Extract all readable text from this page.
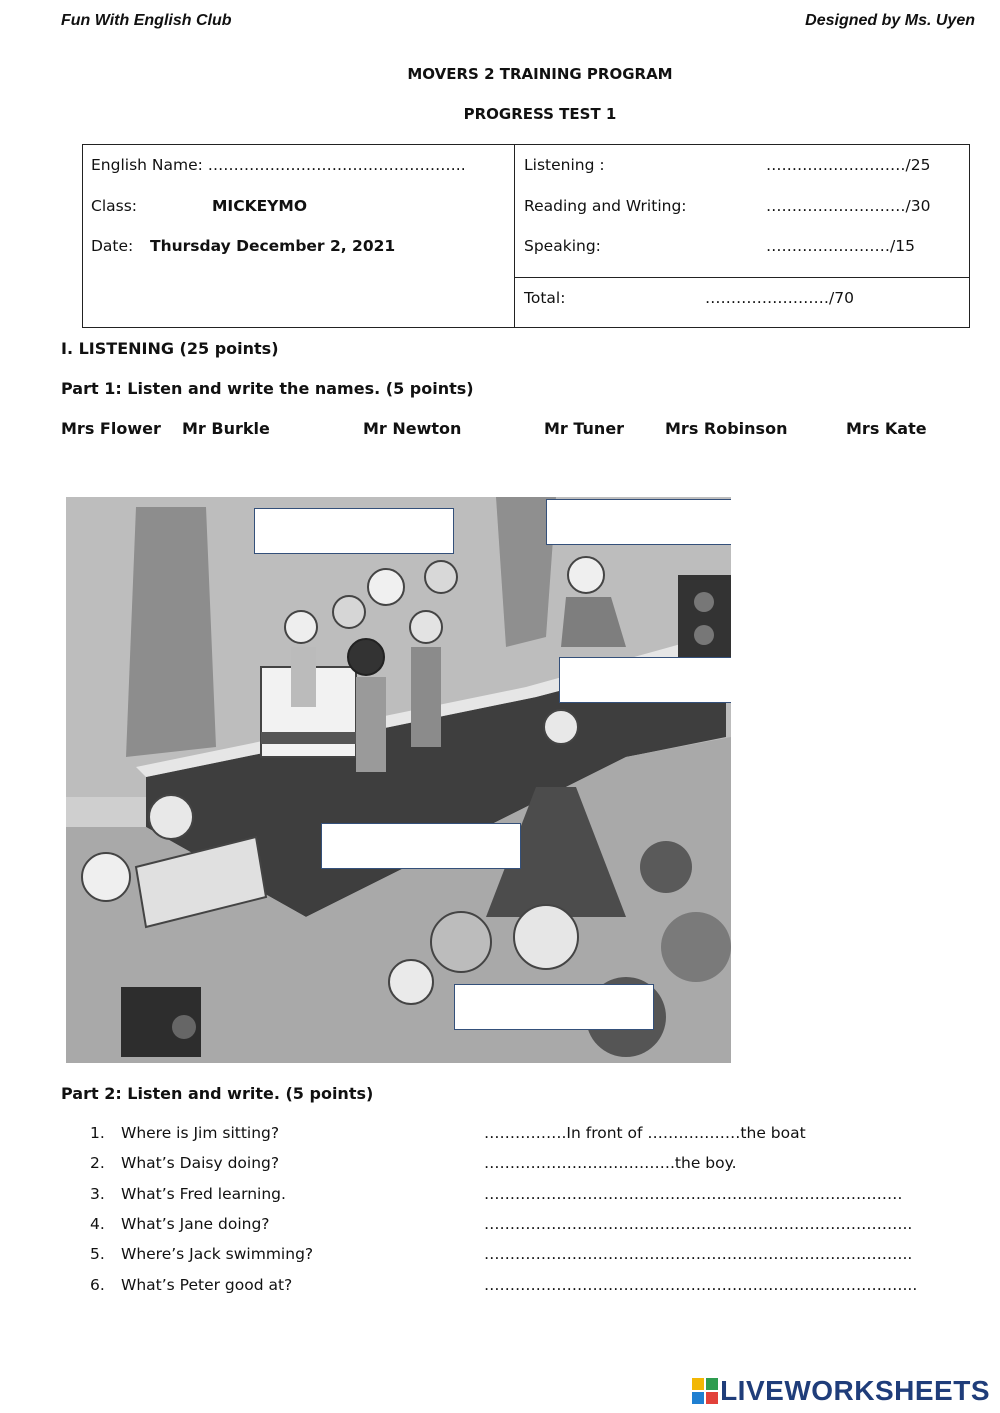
Fun With English Club	Designed by Ms. Uyen
MOVERS 2 TRAINING PROGRAM
PROGRESS TEST 1
English Name: …………………………………………..
Class:	MICKEYMO
Date: Thursday December 2, 2021
Listening :	………………………/25
Reading and Writing:	………………………/30
Speaking:	……………………/15
Total:	……………………/70
I. LISTENING (25 points)
Part 1: Listen and write the names. (5 points)
Mrs Flower Mr Burkle	Mr Newton	Mr Tuner	Mrs Robinson	Mrs Kate
Part 2: Listen and write. (5 points)
1. Where is Jim sitting?	…………….In front of ………………the boat
2. What’s Daisy doing?	……………………………….the boy.
3. What’s Fred learning.	………………………………………………………………………
4. What’s Jane doing?	………………………………………………………………………..
5. Where’s Jack swimming?	………………………………………………………………………..
6. What’s Peter good at?	………………………………………………………………………...
LIVEWORKSHEETS
